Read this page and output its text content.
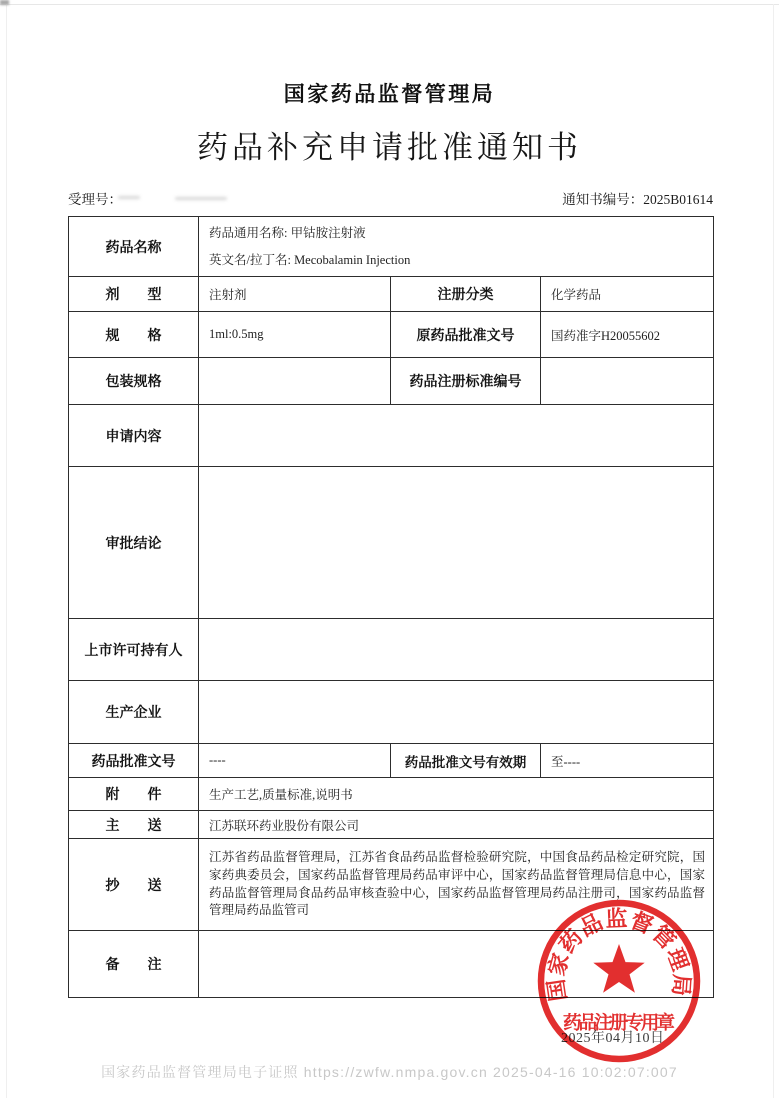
国家药品监督管理局
药品补充申请批准通知书
受理号：	通知书编号：2025B01614
药品名称	药品通用名称: 甲钴胺注射液
英文名/拉丁名: Mecobalamin Injection		

剂　　型	注射剂	注册分类	化学药品
规　　格	1ml:0.5mg	原药品批准文号	国药准字H20055602
包装规格		药品注册标准编号	
申请内容			
审批结论			
上市许可持有人			
生产企业			
药品批准文号	----	药品批准文号有效期	至----
附　　件	生产工艺,质量标准,说明书		
主　　送	江苏联环药业股份有限公司		
抄　　送	江苏省药品监督管理局，江苏省食品药品监督检验研究院，中国食品药品检定研究院，国家药典委员会，国家药品监督管理局药品审评中心，国家药品监督管理局信息中心，国家药品监督管理局食品药品审核查验中心，国家药品监督管理局药品注册司，国家药品监督管理局药品监管司		
备　　注			
2025年04月10日
国家药品监督管理局
药品注册专用章
国家药品监督管理局电子证照 https://zwfw.nmpa.gov.cn 2025-04-16 10:02:07:007
